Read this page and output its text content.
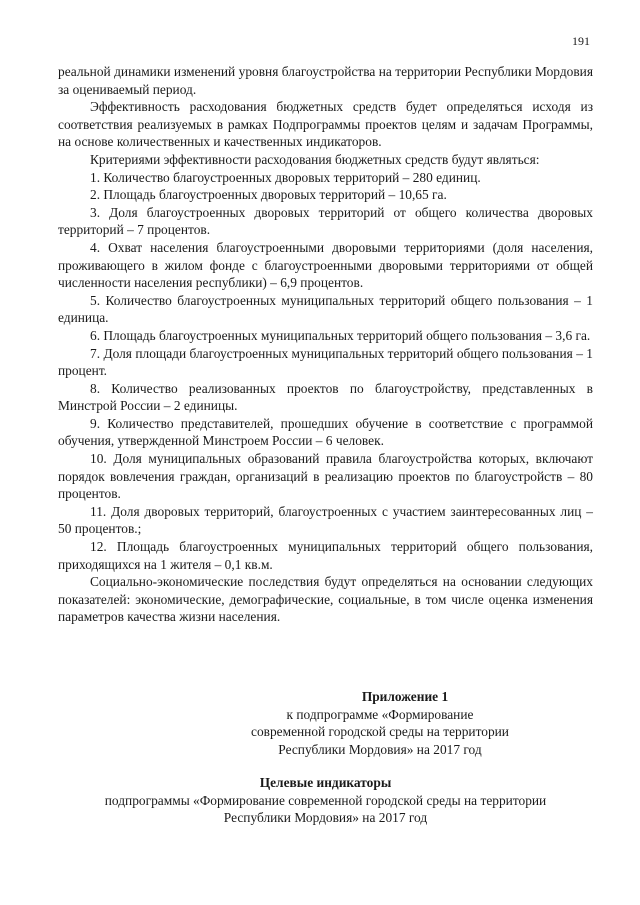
191

реальной динамики изменений уровня благоустройства на территории Республики Мордовия за оцениваемый период.

Эффективность расходования бюджетных средств будет определяться исходя из соответствия реализуемых в рамках Подпрограммы проектов целям и задачам Программы, на основе количественных и качественных индикаторов.

Критериями эффективности расходования бюджетных средств будут являться:

1. Количество благоустроенных дворовых территорий – 280 единиц.

2. Площадь благоустроенных дворовых территорий – 10,65 га.

3. Доля благоустроенных дворовых территорий от общего количества дворовых территорий – 7 процентов.

4. Охват населения благоустроенными дворовыми территориями (доля населения, проживающего в жилом фонде с благоустроенными дворовыми территориями от общей численности населения республики) – 6,9 процентов.

5. Количество благоустроенных муниципальных территорий общего пользования – 1 единица.

6. Площадь благоустроенных муниципальных территорий общего пользования – 3,6 га.

7. Доля площади благоустроенных муниципальных территорий общего пользования – 1 процент.

8. Количество реализованных проектов по благоустройству, представленных в Минстрой России – 2 единицы.

9. Количество представителей, прошедших обучение в соответствие с программой обучения, утвержденной Минстроем России – 6 человек.

10. Доля муниципальных образований правила благоустройства которых, включают порядок вовлечения граждан, организаций в реализацию проектов по благоустройств – 80 процентов.

11. Доля дворовых территорий, благоустроенных с участием заинтересованных лиц – 50 процентов.;

12. Площадь благоустроенных муниципальных территорий общего пользования, приходящихся на 1 жителя – 0,1 кв.м.

Социально-экономические последствия будут определяться на основании следующих показателей: экономические, демографические, социальные, в том числе оценка изменения параметров качества жизни населения.

Приложение 1
к подпрограмме «Формирование
современной городской среды на территории
Республики Мордовия» на 2017 год
Целевые индикаторы
подпрограммы «Формирование современной городской среды на территории
Республики Мордовия» на 2017 год
